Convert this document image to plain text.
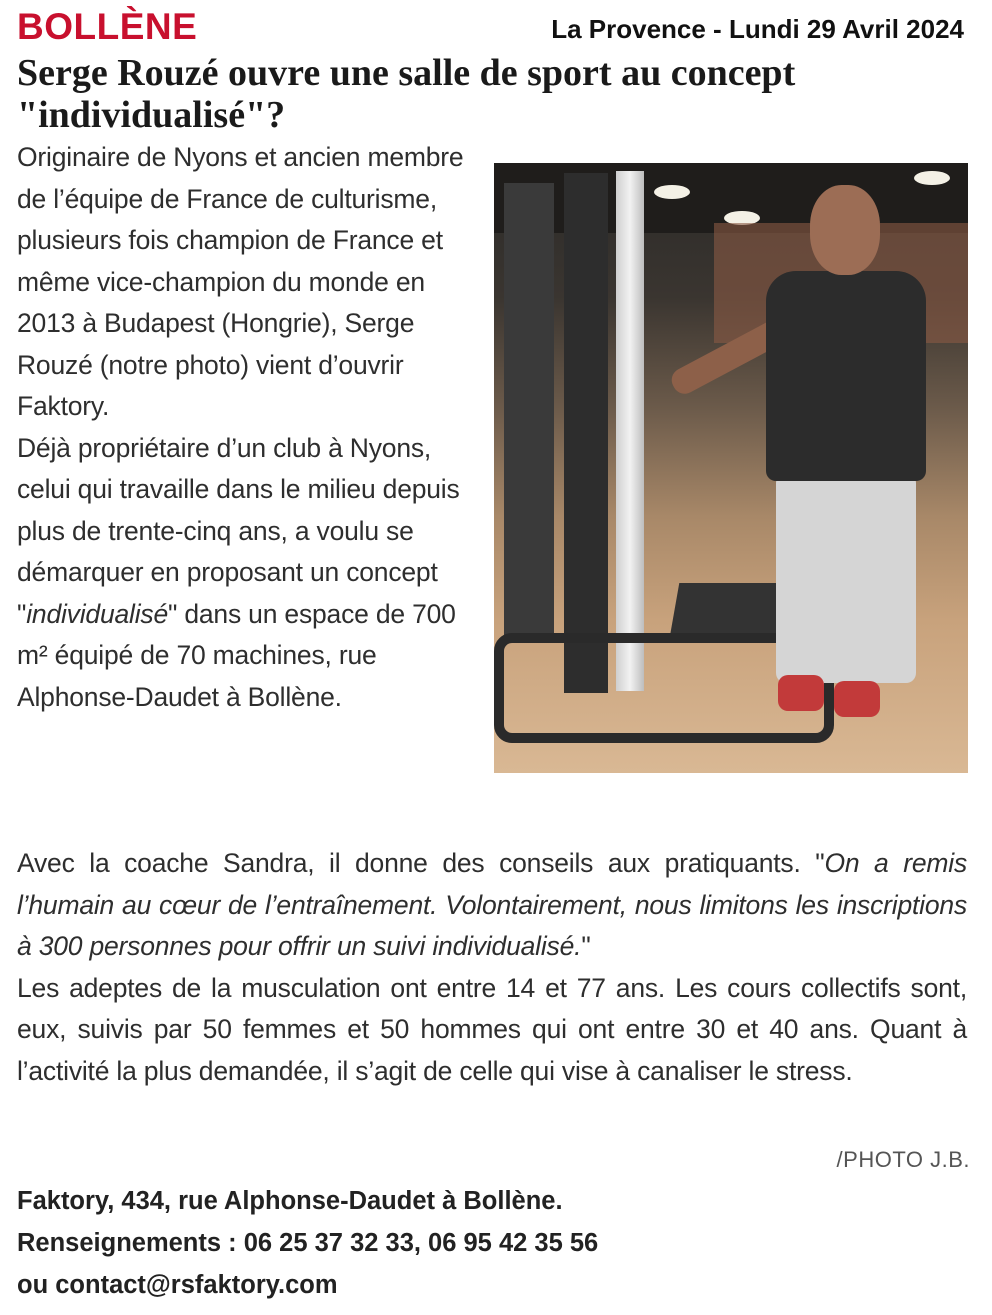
BOLLÈNE	La Provence - Lundi 29 Avril 2024
Serge Rouzé ouvre une salle de sport au concept "individualisé"?

Originaire de Nyons et ancien membre de l’équipe de France de culturisme, plusieurs fois champion de France et même vice-champion du monde en 2013 à Budapest (Hongrie), Serge Rouzé (notre photo) vient d’ouvrir Faktory.

Déjà propriétaire d’un club à Nyons, celui qui travaille dans le milieu depuis plus de trente-cinq ans, a voulu se démarquer en proposant un concept "individualisé" dans un espace de 700 m² équipé de 70 machines, rue Alphonse-Daudet à Bollène.

Avec la coache Sandra, il donne des conseils aux pratiquants. "On a remis l’humain au cœur de l’entraînement. Volontairement, nous limitons les inscriptions à 300 personnes pour offrir un suivi individualisé."

Les adeptes de la musculation ont entre 14 et 77 ans. Les cours collectifs sont, eux, suivis par 50 femmes et 50 hommes qui ont entre 30 et 40 ans. Quant à l’activité la plus demandée, il s’agit de celle qui vise à canaliser le stress.

/PHOTO J.B.
Faktory, 434, rue Alphonse-Daudet à Bollène.
Renseignements : 06 25 37 32 33, 06 95 42 35 56
ou contact@rsfaktory.com
